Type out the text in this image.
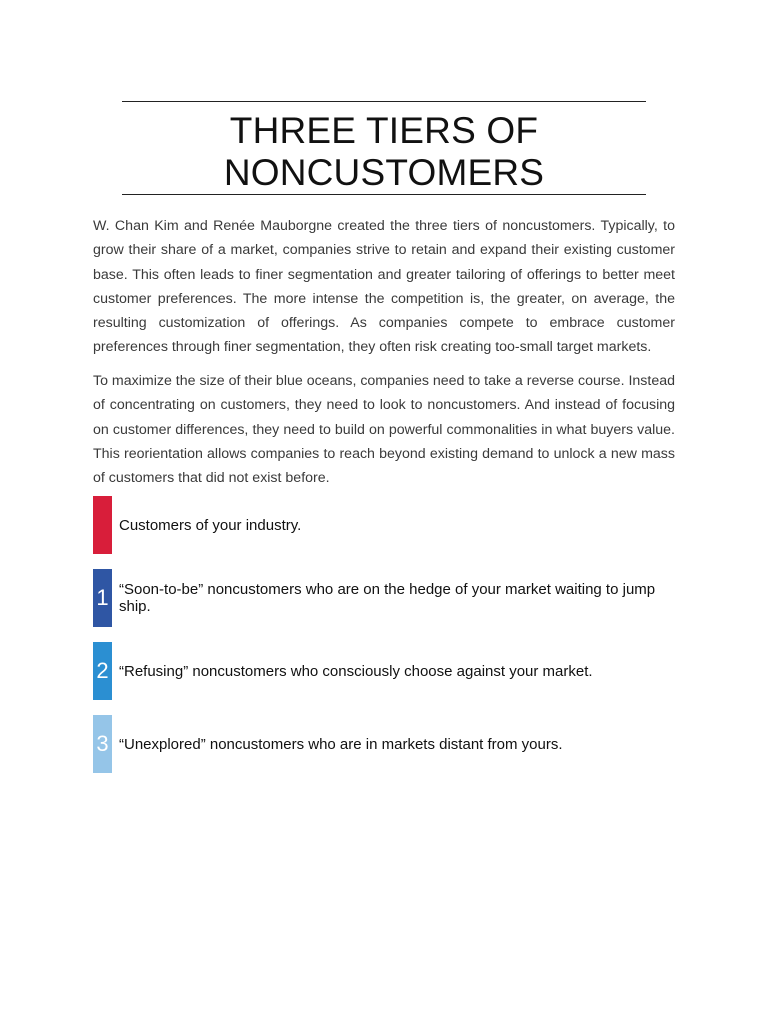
THREE TIERS OF
NONCUSTOMERS

W. Chan Kim and Renée Mauborgne created the three tiers of noncustomers. Typically, to grow their share of a market, companies strive to retain and expand their existing customer base. This often leads to finer segmentation and greater tailoring of offerings to better meet customer preferences. The more intense the competition is, the greater, on average, the resulting customization of offerings. As companies compete to embrace customer preferences through finer segmentation, they often risk creating too-small target markets.

To maximize the size of their blue oceans, companies need to take a reverse course. Instead of concentrating on customers, they need to look to noncustomers. And instead of focusing on customer differences, they need to build on powerful commonalities in what buyers value. This reorientation allows companies to reach beyond existing demand to unlock a new mass of customers that did not exist before.

Customers of your industry.
1 “Soon-to-be” noncustomers who are on the hedge of your market waiting to jump ship.
2 “Refusing” noncustomers who consciously choose against your market.
3 “Unexplored” noncustomers who are in markets distant from yours.
